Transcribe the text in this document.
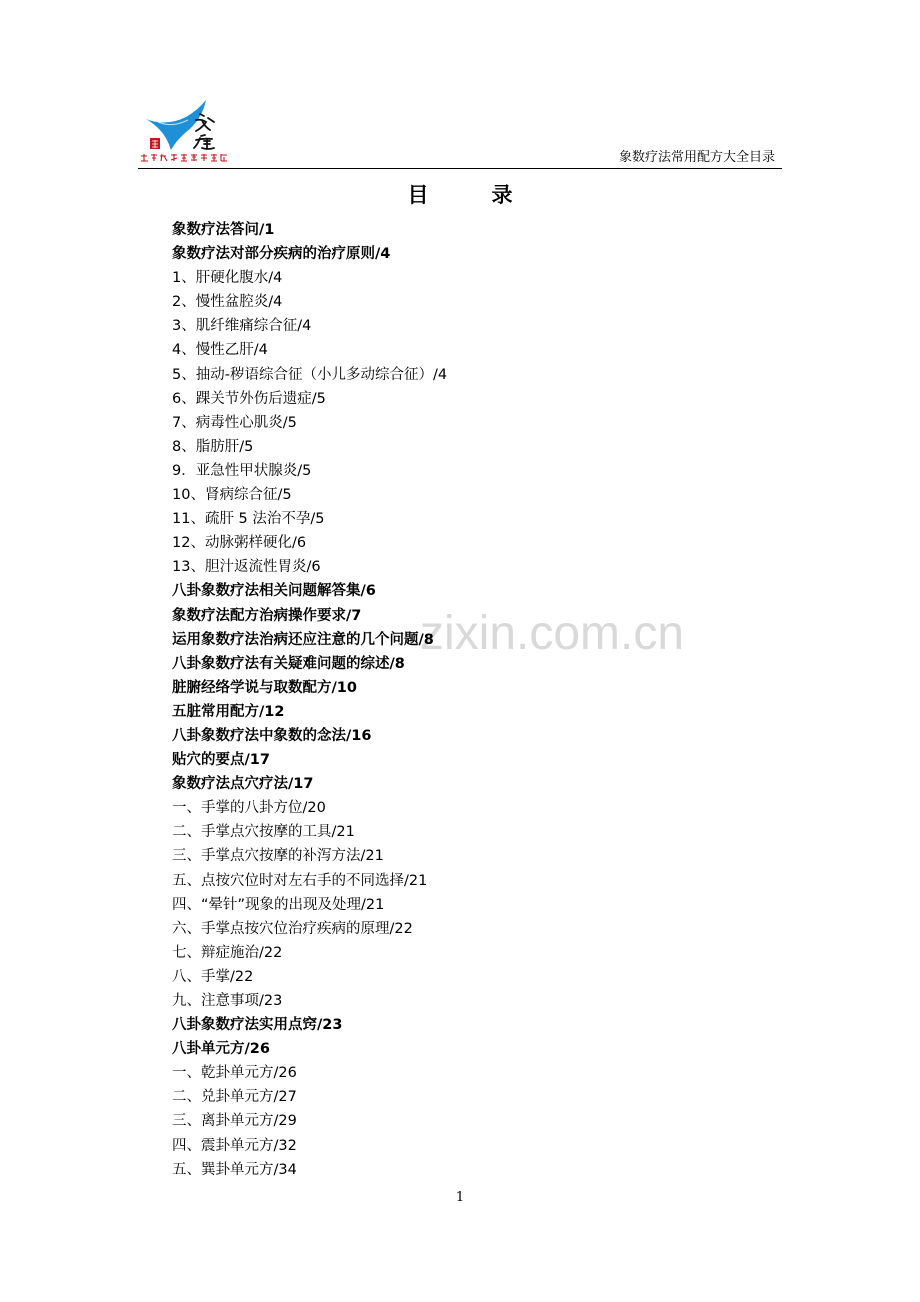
象数疗法常用配方大全目录
目　　　录
zixin.com.cn
象数疗法答问/1
象数疗法对部分疾病的治疗原则/4
1、肝硬化腹水/4
2、慢性盆腔炎/4
3、肌纤维痛综合征/4
4、慢性乙肝/4
5、抽动-秽语综合征（小儿多动综合征）/4
6、踝关节外伤后遗症/5
7、病毒性心肌炎/5
8、脂肪肝/5
9．亚急性甲状腺炎/5
10、肾病综合征/5
11、疏肝 5 法治不孕/5
12、动脉粥样硬化/6
13、胆汁返流性胃炎/6
八卦象数疗法相关问题解答集/6
象数疗法配方治病操作要求/7
运用象数疗法治病还应注意的几个问题/8
八卦象数疗法有关疑难问题的综述/8
脏腑经络学说与取数配方/10
五脏常用配方/12
八卦象数疗法中象数的念法/16
贴穴的要点/17
象数疗法点穴疗法/17
一、手掌的八卦方位/20
二、手掌点穴按摩的工具/21
三、手掌点穴按摩的补泻方法/21
五、点按穴位时对左右手的不同选择/21
四、“晕针”现象的出现及处理/21
六、手掌点按穴位治疗疾病的原理/22
七、辩症施治/22
八、手掌/22
九、注意事项/23
八卦象数疗法实用点窍/23
八卦单元方/26
一、乾卦单元方/26
二、兑卦单元方/27
三、离卦单元方/29
四、震卦单元方/32
五、巽卦单元方/34
1
